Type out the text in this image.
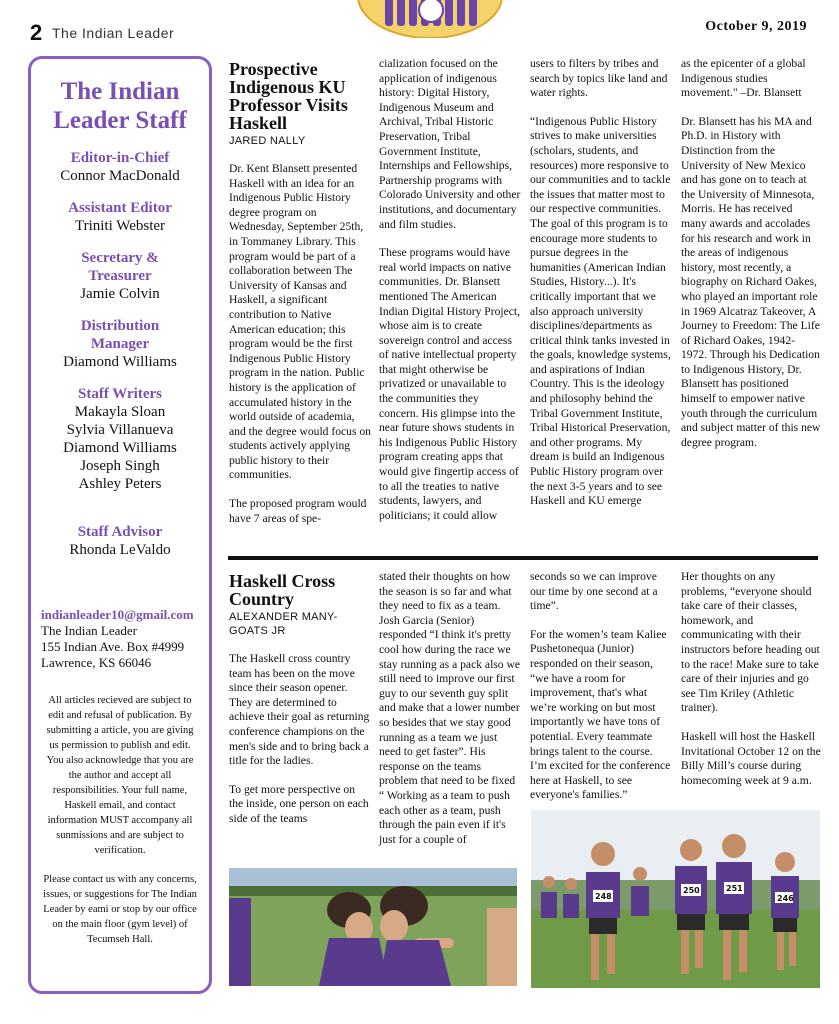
2 The Indian Leader	October 9, 2019
The Indian Leader Staff
Editor-in-Chief
Connor MacDonald
Assistant Editor
Triniti Webster
Secretary & Treasurer
Jamie Colvin
Distribution Manager
Diamond Williams
Staff Writers
Makayla Sloan
Sylvia Villanueva
Diamond Williams
Joseph Singh
Ashley Peters
Staff Advisor
Rhonda LeValdo
indianleader10@gmail.com
The Indian Leader
155 Indian Ave. Box #4999
Lawrence, KS 66046

All articles recieved are subject to edit and refusal of publication. By submitting a article, you are giving us permission to publish and edit. You also acknowledge that you are the author and accept all responsibilities. Your full name, Haskell email, and contact information MUST accompany all sunmissions and are subject to verification.

Please contact us with any concerns, issues, or suggestions for The Indian Leader by eami or stop by our office on the main floor (gym level) of Tecumseh Hall.

Prospective Indigenous KU Professor Visits Haskell
JARED NALLY

Dr. Kent Blansett presented Haskell with an idea for an Indigenous Public History degree program on Wednesday, September 25th, in Tommaney Library. This program would be part of a collaboration between The University of Kansas and Haskell, a significant contribution to Native American education; this program would be the first Indigenous Public History program in the nation. Public history is the application of accumulated history in the world outside of academia, and the degree would focus on students actively applying public history to their communities.

The proposed program would have 7 areas of spe-

cialization focused on the application of indigenous history: Digital History, Indigenous Museum and Archival, Tribal Historic Preservation, Tribal Government Institute, Internships and Fellowships, Partnership programs with Colorado University and other institutions, and documentary and film studies.

These programs would have real world impacts on native communities. Dr. Blansett mentioned The American Indian Digital History Project, whose aim is to create sovereign control and access of native intellectual property that might otherwise be privatized or unavailable to the communities they concern. His glimpse into the near future shows students in his Indigenous Public History program creating apps that would give fingertip access of to all the treaties to native students, lawyers, and politicians; it could allow

users to filters by tribes and search by topics like land and water rights.

“Indigenous Public History strives to make universities (scholars, students, and resources) more responsive to our communities and to tackle the issues that matter most to our respective communities. The goal of this program is to encourage more students to pursue degrees in the humanities (American Indian Studies, History...). It's critically important that we also approach university disciplines/departments as critical think tanks invested in the goals, knowledge systems, and aspirations of Indian Country. This is the ideology and philosophy behind the Tribal Government Institute, Tribal Historical Preservation, and other programs. My dream is build an Indigenous Public History program over the next 3-5 years and to see Haskell and KU emerge

as the epicenter of a global Indigenous studies movement." –Dr. Blansett

Dr. Blansett has his MA and Ph.D. in History with Distinction from the University of New Mexico and has gone on to teach at the University of Minnesota, Morris. He has received many awards and accolades for his research and work in the areas of indigenous history, most recently, a biography on Richard Oakes, who played an important role in 1969 Alcatraz Takeover, A Journey to Freedom: The Life of Richard Oakes, 1942-1972. Through his Dedication to Indigenous History, Dr. Blansett has positioned himself to empower native youth through the curriculum and subject matter of this new degree program.

Haskell Cross Country
ALEXANDER MANY-GOATS JR

The Haskell cross country team has been on the move since their season opener. They are determined to achieve their goal as returning conference champions on the men's side and to bring back a title for the ladies.

To get more perspective on the inside, one person on each side of the teams

stated their thoughts on how the season is so far and what they need to fix as a team. Josh Garcia (Senior) responded “I think it's pretty cool how during the race we stay running as a pack also we still need to improve our first guy to our seventh guy split and make that a lower number so besides that we stay good running as a team we just need to get faster”. His response on the teams problem that need to be fixed “ Working as a team to push each other as a team, push through the pain even if it's just for a couple of

seconds so we can improve our time by one second at a time”.

For the women’s team Kaliee Pushetonequa (Junior) responded on their season, “we have a room for improvement, that's what we’re working on but most importantly we have tons of potential. Every teammate brings talent to the course. I’m excited for the conference here at Haskell, to see everyone's families.”

Her thoughts on any problems, “everyone should take care of their classes, homework, and communicating with their instructors before heading out to the race! Make sure to take care of their injuries and go see Tim Kriley (Athletic trainer).

Haskell will host the Haskell Invitational October 12 on the Billy Mill’s course during homecoming week at 9 a.m.

248
250	251
246
